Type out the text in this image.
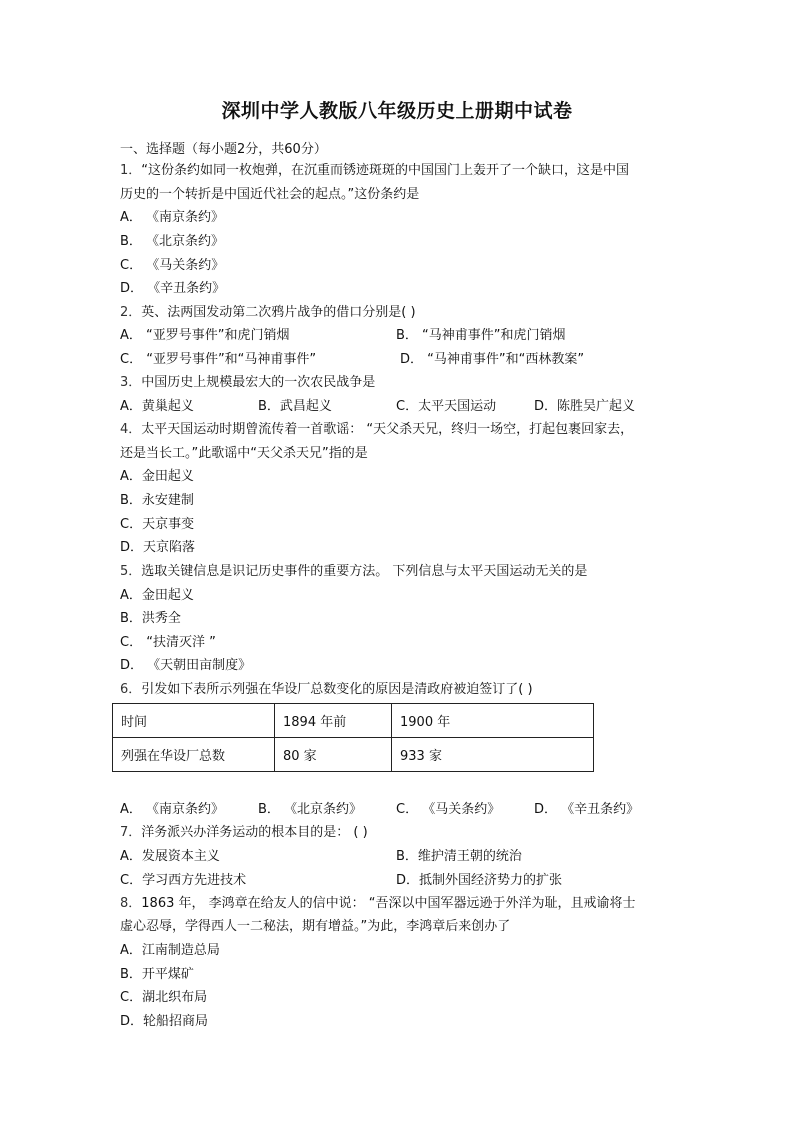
深圳中学人教版八年级历史上册期中试卷
一、选择题（每小题2分，共60分）
1．“这份条约如同一枚炮弹，在沉重而锈迹斑斑的中国国门上轰开了一个缺口，这是中国
历史的一个转折是中国近代社会的起点。”这份条约是
A． 《南京条约》
B． 《北京条约》
C． 《马关条约》
D． 《辛丑条约》
2．英、法两国发动第二次鸦片战争的借口分别是( )
A． “亚罗号事件”和虎门销烟	B． “马神甫事件”和虎门销烟
C． “亚罗号事件”和“马神甫事件”	D． “马神甫事件”和“西林教案”
3．中国历史上规模最宏大的一次农民战争是
A．黄巢起义	B．武昌起义	C．太平天国运动	D．陈胜吴广起义
4．太平天国运动时期曾流传着一首歌谣： “天父杀天兄，终归一场空，打起包裹回家去，
还是当长工。”此歌谣中“天父杀天兄”指的是
A．金田起义
B．永安建制
C．天京事变
D．天京陷落
5．选取关键信息是识记历史事件的重要方法。 下列信息与太平天国运动无关的是
A．金田起义
B．洪秀全
C． “扶清灭洋 ”
D． 《天朝田亩制度》
6．引发如下表所示列强在华设厂总数变化的原因是清政府被迫签订了( )
时间	1894 年前	1900 年
列强在华设厂总数	80 家	933 家
A． 《南京条约》	B． 《北京条约》	C． 《马关条约》	D． 《辛丑条约》
7．洋务派兴办洋务运动的根本目的是： ( )
A．发展资本主义	B．维护清王朝的统治
C．学习西方先进技术	D．抵制外国经济势力的扩张
8．1863 年， 李鸿章在给友人的信中说： “吾深以中国军器远逊于外洋为耻，且戒谕将士
虚心忍辱，学得西人一二秘法，期有增益。”为此，李鸿章后来创办了
A．江南制造总局
B．开平煤矿
C．湖北织布局
D．轮船招商局
